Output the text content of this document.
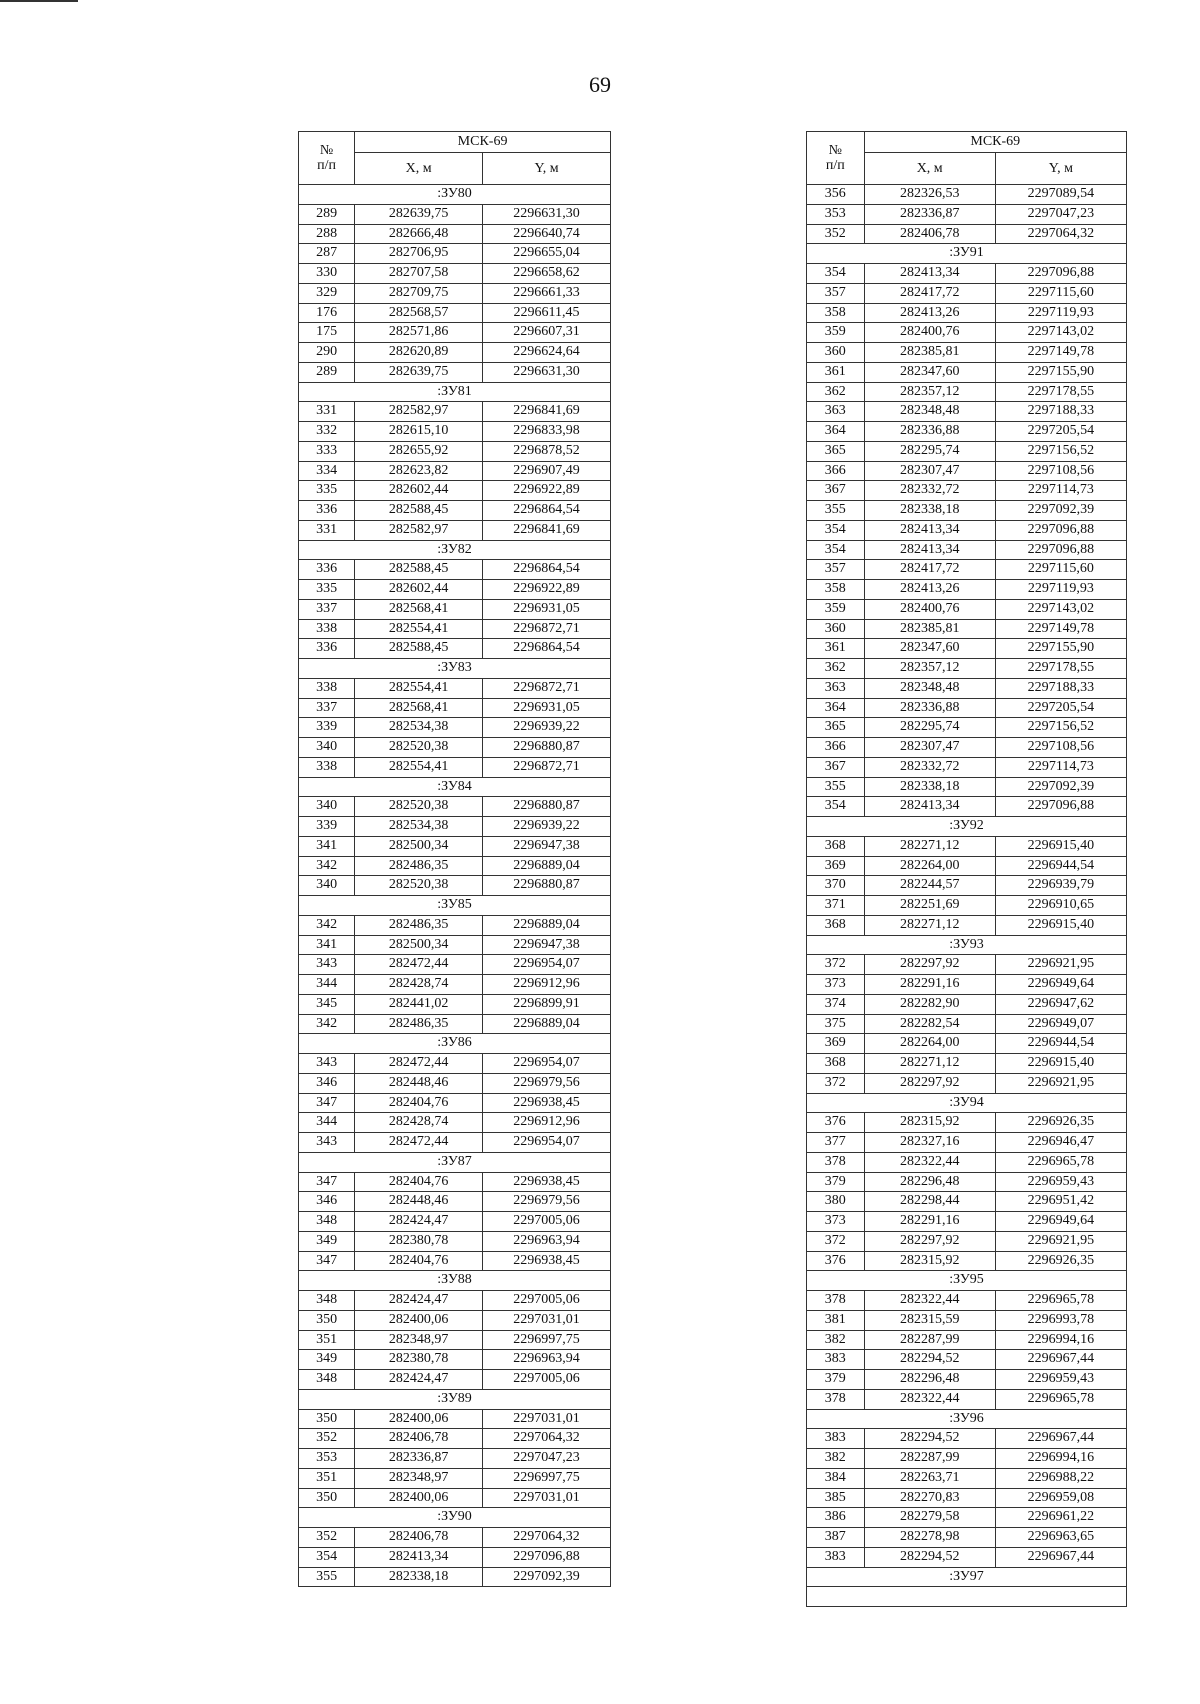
69
№
п/п	МСК-69	
	X, м	Y, м
:ЗУ80		
289	282639,75	2296631,30
288	282666,48	2296640,74
287	282706,95	2296655,04
330	282707,58	2296658,62
329	282709,75	2296661,33
176	282568,57	2296611,45
175	282571,86	2296607,31
290	282620,89	2296624,64
289	282639,75	2296631,30
:ЗУ81		
331	282582,97	2296841,69
332	282615,10	2296833,98
333	282655,92	2296878,52
334	282623,82	2296907,49
335	282602,44	2296922,89
336	282588,45	2296864,54
331	282582,97	2296841,69
:ЗУ82		
336	282588,45	2296864,54
335	282602,44	2296922,89
337	282568,41	2296931,05
338	282554,41	2296872,71
336	282588,45	2296864,54
:ЗУ83		
338	282554,41	2296872,71
337	282568,41	2296931,05
339	282534,38	2296939,22
340	282520,38	2296880,87
338	282554,41	2296872,71
:ЗУ84		
340	282520,38	2296880,87
339	282534,38	2296939,22
341	282500,34	2296947,38
342	282486,35	2296889,04
340	282520,38	2296880,87
:ЗУ85		
342	282486,35	2296889,04
341	282500,34	2296947,38
343	282472,44	2296954,07
344	282428,74	2296912,96
345	282441,02	2296899,91
342	282486,35	2296889,04
:ЗУ86		
343	282472,44	2296954,07
346	282448,46	2296979,56
347	282404,76	2296938,45
344	282428,74	2296912,96
343	282472,44	2296954,07
:ЗУ87		
347	282404,76	2296938,45
346	282448,46	2296979,56
348	282424,47	2297005,06
349	282380,78	2296963,94
347	282404,76	2296938,45
:ЗУ88		
348	282424,47	2297005,06
350	282400,06	2297031,01
351	282348,97	2296997,75
349	282380,78	2296963,94
348	282424,47	2297005,06
:ЗУ89		
350	282400,06	2297031,01
352	282406,78	2297064,32
353	282336,87	2297047,23
351	282348,97	2296997,75
350	282400,06	2297031,01
:ЗУ90		
352	282406,78	2297064,32
354	282413,34	2297096,88
355	282338,18	2297092,39
№
п/п	МСК-69	
	X, м	Y, м
356	282326,53	2297089,54
353	282336,87	2297047,23
352	282406,78	2297064,32
:ЗУ91		
354	282413,34	2297096,88
357	282417,72	2297115,60
358	282413,26	2297119,93
359	282400,76	2297143,02
360	282385,81	2297149,78
361	282347,60	2297155,90
362	282357,12	2297178,55
363	282348,48	2297188,33
364	282336,88	2297205,54
365	282295,74	2297156,52
366	282307,47	2297108,56
367	282332,72	2297114,73
355	282338,18	2297092,39
354	282413,34	2297096,88
354	282413,34	2297096,88
357	282417,72	2297115,60
358	282413,26	2297119,93
359	282400,76	2297143,02
360	282385,81	2297149,78
361	282347,60	2297155,90
362	282357,12	2297178,55
363	282348,48	2297188,33
364	282336,88	2297205,54
365	282295,74	2297156,52
366	282307,47	2297108,56
367	282332,72	2297114,73
355	282338,18	2297092,39
354	282413,34	2297096,88
:ЗУ92		
368	282271,12	2296915,40
369	282264,00	2296944,54
370	282244,57	2296939,79
371	282251,69	2296910,65
368	282271,12	2296915,40
:ЗУ93		
372	282297,92	2296921,95
373	282291,16	2296949,64
374	282282,90	2296947,62
375	282282,54	2296949,07
369	282264,00	2296944,54
368	282271,12	2296915,40
372	282297,92	2296921,95
:ЗУ94		
376	282315,92	2296926,35
377	282327,16	2296946,47
378	282322,44	2296965,78
379	282296,48	2296959,43
380	282298,44	2296951,42
373	282291,16	2296949,64
372	282297,92	2296921,95
376	282315,92	2296926,35
:ЗУ95		
378	282322,44	2296965,78
381	282315,59	2296993,78
382	282287,99	2296994,16
383	282294,52	2296967,44
379	282296,48	2296959,43
378	282322,44	2296965,78
:ЗУ96		
383	282294,52	2296967,44
382	282287,99	2296994,16
384	282263,71	2296988,22
385	282270,83	2296959,08
386	282279,58	2296961,22
387	282278,98	2296963,65
383	282294,52	2296967,44
:ЗУ97		
